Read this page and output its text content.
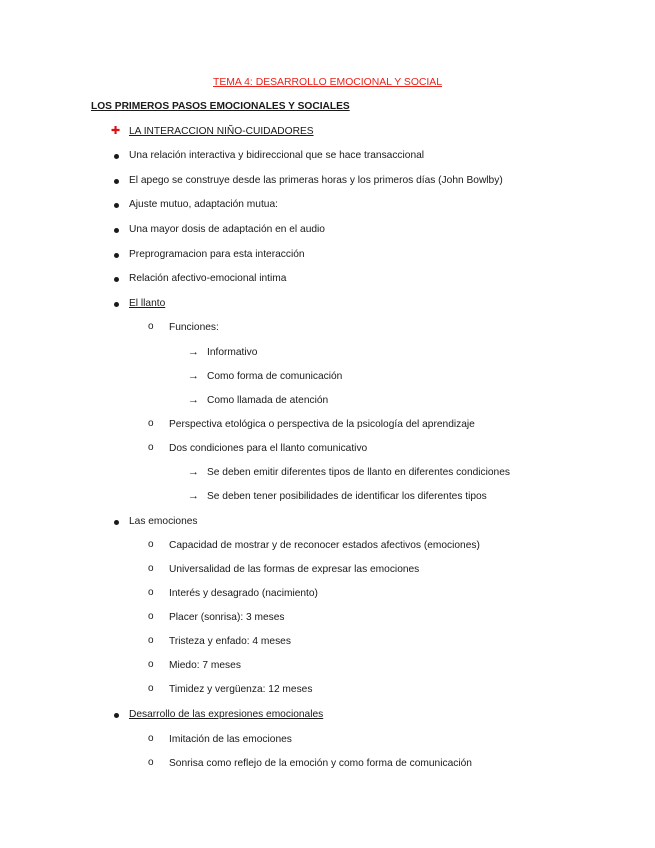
TEMA 4: DESARROLLO EMOCIONAL Y SOCIAL
LOS PRIMEROS PASOS EMOCIONALES Y SOCIALES
✚ LA INTERACCION NIÑO-CUIDADORES
Una relación interactiva y bidireccional que se hace transaccional
El apego se construye desde las primeras horas y los primeros días (John Bowlby)
Ajuste mutuo, adaptación mutua:
Una mayor dosis de adaptación en el audio
Preprogramacion para esta interacción
Relación afectivo-emocional intima
El llanto
o Funciones:
→ Informativo
→ Como forma de comunicación
→ Como llamada de atención
o Perspectiva etológica o perspectiva de la psicología del aprendizaje
o Dos condiciones para el llanto comunicativo
→ Se deben emitir diferentes tipos de llanto en diferentes condiciones
→ Se deben tener posibilidades de identificar los diferentes tipos
Las emociones
o Capacidad de mostrar y de reconocer estados afectivos (emociones)
o Universalidad de las formas de expresar las emociones
o Interés y desagrado (nacimiento)
o Placer (sonrisa): 3 meses
o Tristeza y enfado: 4 meses
o Miedo: 7 meses
o Timidez y vergüenza: 12 meses
Desarrollo de las expresiones emocionales
o Imitación de las emociones
o Sonrisa como reflejo de la emoción y como forma de comunicación
